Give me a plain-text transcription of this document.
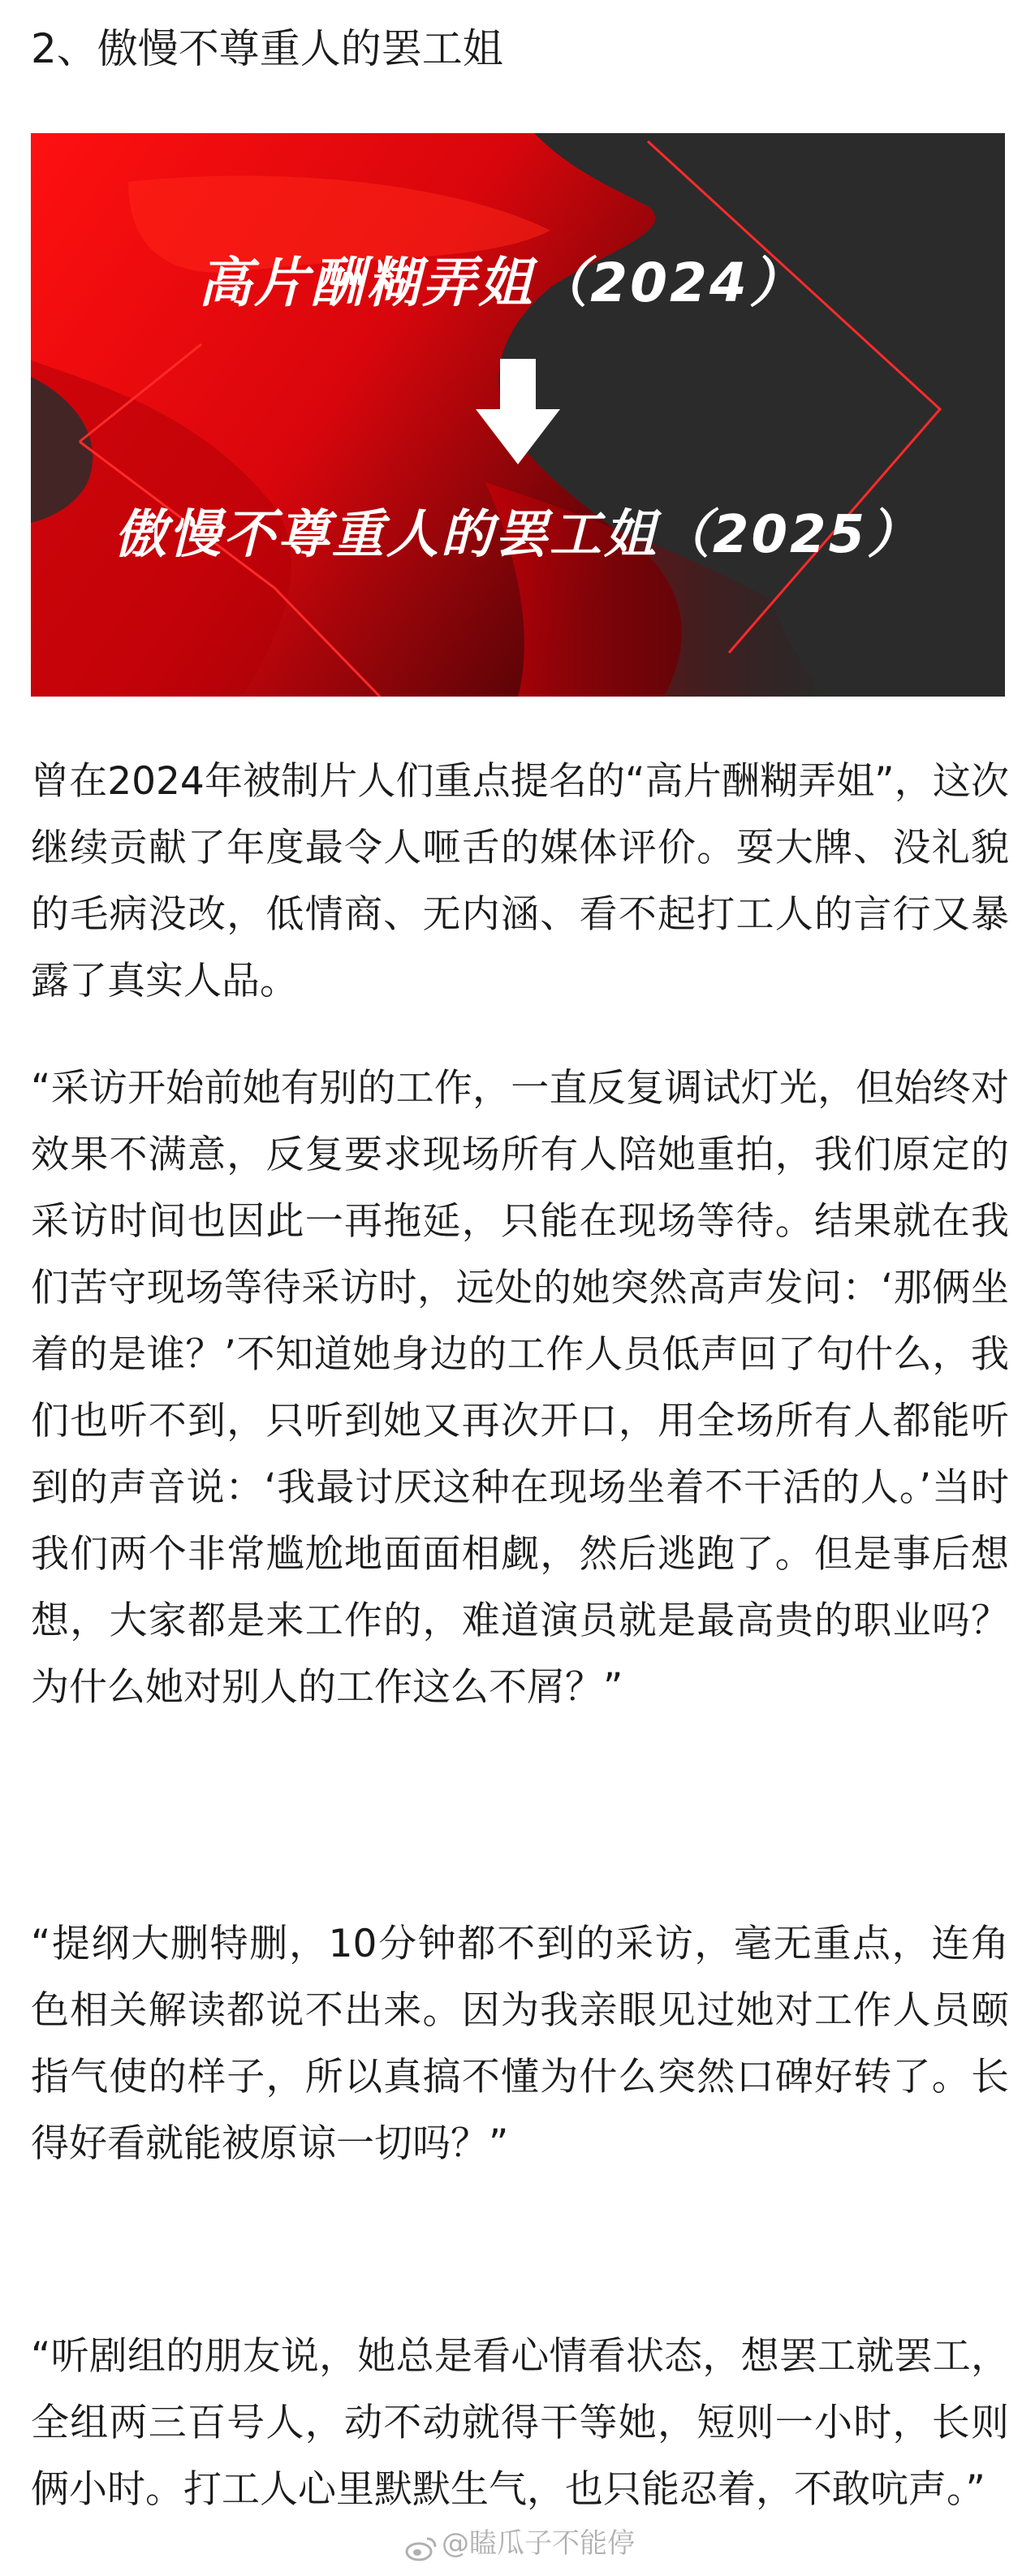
2、傲慢不尊重人的罢工姐
高片酬糊弄姐（2024）
傲慢不尊重人的罢工姐（2025）

曾在2024年被制片人们重点提名的“高片酬糊弄姐”，这次继续贡献了年度最令人咂舌的媒体评价。耍大牌、没礼貌的毛病没改，低情商、无内涵、看不起打工人的言行又暴露了真实人品。

“采访开始前她有别的工作，一直反复调试灯光，但始终对效果不满意，反复要求现场所有人陪她重拍，我们原定的采访时间也因此一再拖延，只能在现场等待。结果就在我们苦守现场等待采访时，远处的她突然高声发问：‘那俩坐着的是谁？’不知道她身边的工作人员低声回了句什么，我们也听不到，只听到她又再次开口，用全场所有人都能听到的声音说：‘我最讨厌这种在现场坐着不干活的人。’当时我们两个非常尴尬地面面相觑，然后逃跑了。但是事后想想，大家都是来工作的，难道演员就是最高贵的职业吗？为什么她对别人的工作这么不屑？”

“提纲大删特删，10分钟都不到的采访，毫无重点，连角色相关解读都说不出来。因为我亲眼见过她对工作人员颐指气使的样子，所以真搞不懂为什么突然口碑好转了。长得好看就能被原谅一切吗？”

“听剧组的朋友说，她总是看心情看状态，想罢工就罢工，全组两三百号人，动不动就得干等她，短则一小时，长则俩小时。打工人心里默默生气，也只能忍着，不敢吭声。”

@瞌瓜子不能停
